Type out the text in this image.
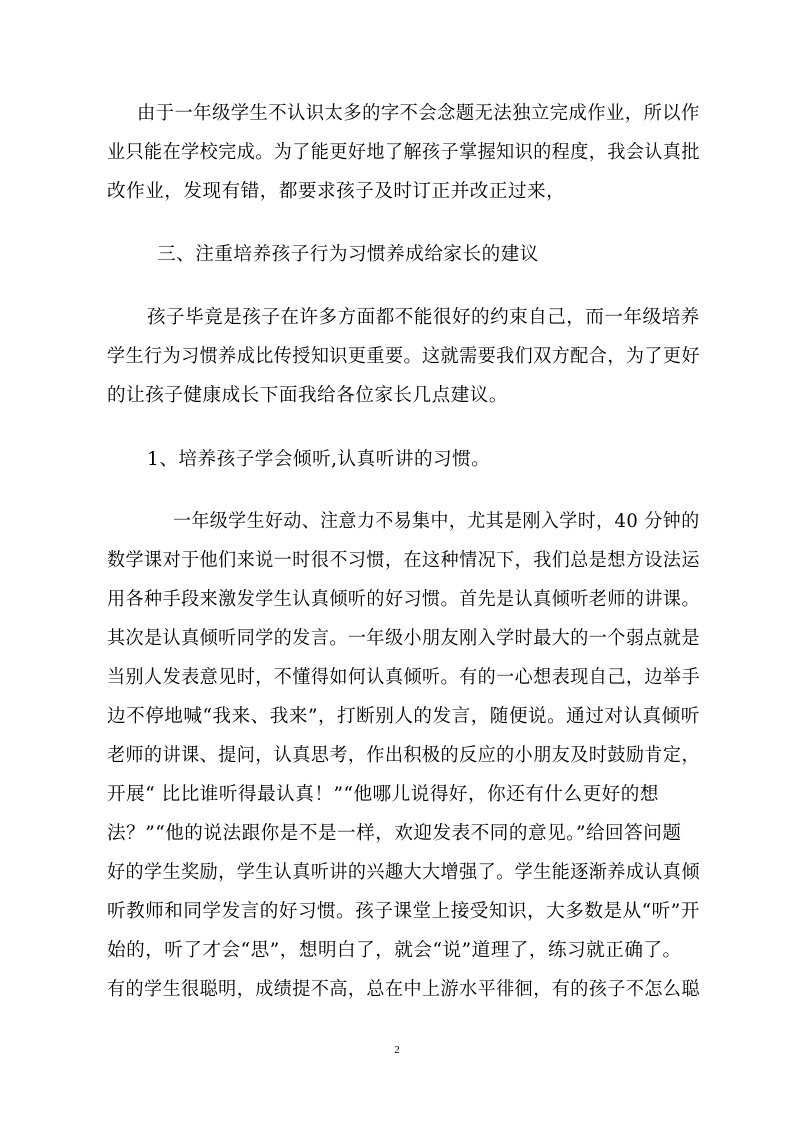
由于一年级学生不认识太多的字不会念题无法独立完成作业，所以作
业只能在学校完成。为了能更好地了解孩子掌握知识的程度，我会认真批
改作业，发现有错，都要求孩子及时订正并改正过来，
三、注重培养孩子行为习惯养成给家长的建议
孩子毕竟是孩子在许多方面都不能很好的约束自己，而一年级培养
学生行为习惯养成比传授知识更重要。这就需要我们双方配合，为了更好
的让孩子健康成长下面我给各位家长几点建议。
1、培养孩子学会倾听,认真听讲的习惯。
一年级学生好动、注意力不易集中，尤其是刚入学时，40 分钟的
数学课对于他们来说一时很不习惯，在这种情况下，我们总是想方设法运
用各种手段来激发学生认真倾听的好习惯。首先是认真倾听老师的讲课。
其次是认真倾听同学的发言。一年级小朋友刚入学时最大的一个弱点就是
当别人发表意见时，不懂得如何认真倾听。有的一心想表现自己，边举手
边不停地喊“我来、我来”，打断别人的发言，随便说。通过对认真倾听
老师的讲课、提问，认真思考，作出积极的反应的小朋友及时鼓励肯定，
开展“ 比比谁听得最认真！”“他哪儿说得好，你还有什么更好的想
法？”“他的说法跟你是不是一样，欢迎发表不同的意见。”给回答问题
好的学生奖励，学生认真听讲的兴趣大大增强了。学生能逐渐养成认真倾
听教师和同学发言的好习惯。孩子课堂上接受知识，大多数是从“听”开
始的，听了才会“思”，想明白了，就会“说”道理了，练习就正确了。
有的学生很聪明，成绩提不高，总在中上游水平徘徊，有的孩子不怎么聪
2
